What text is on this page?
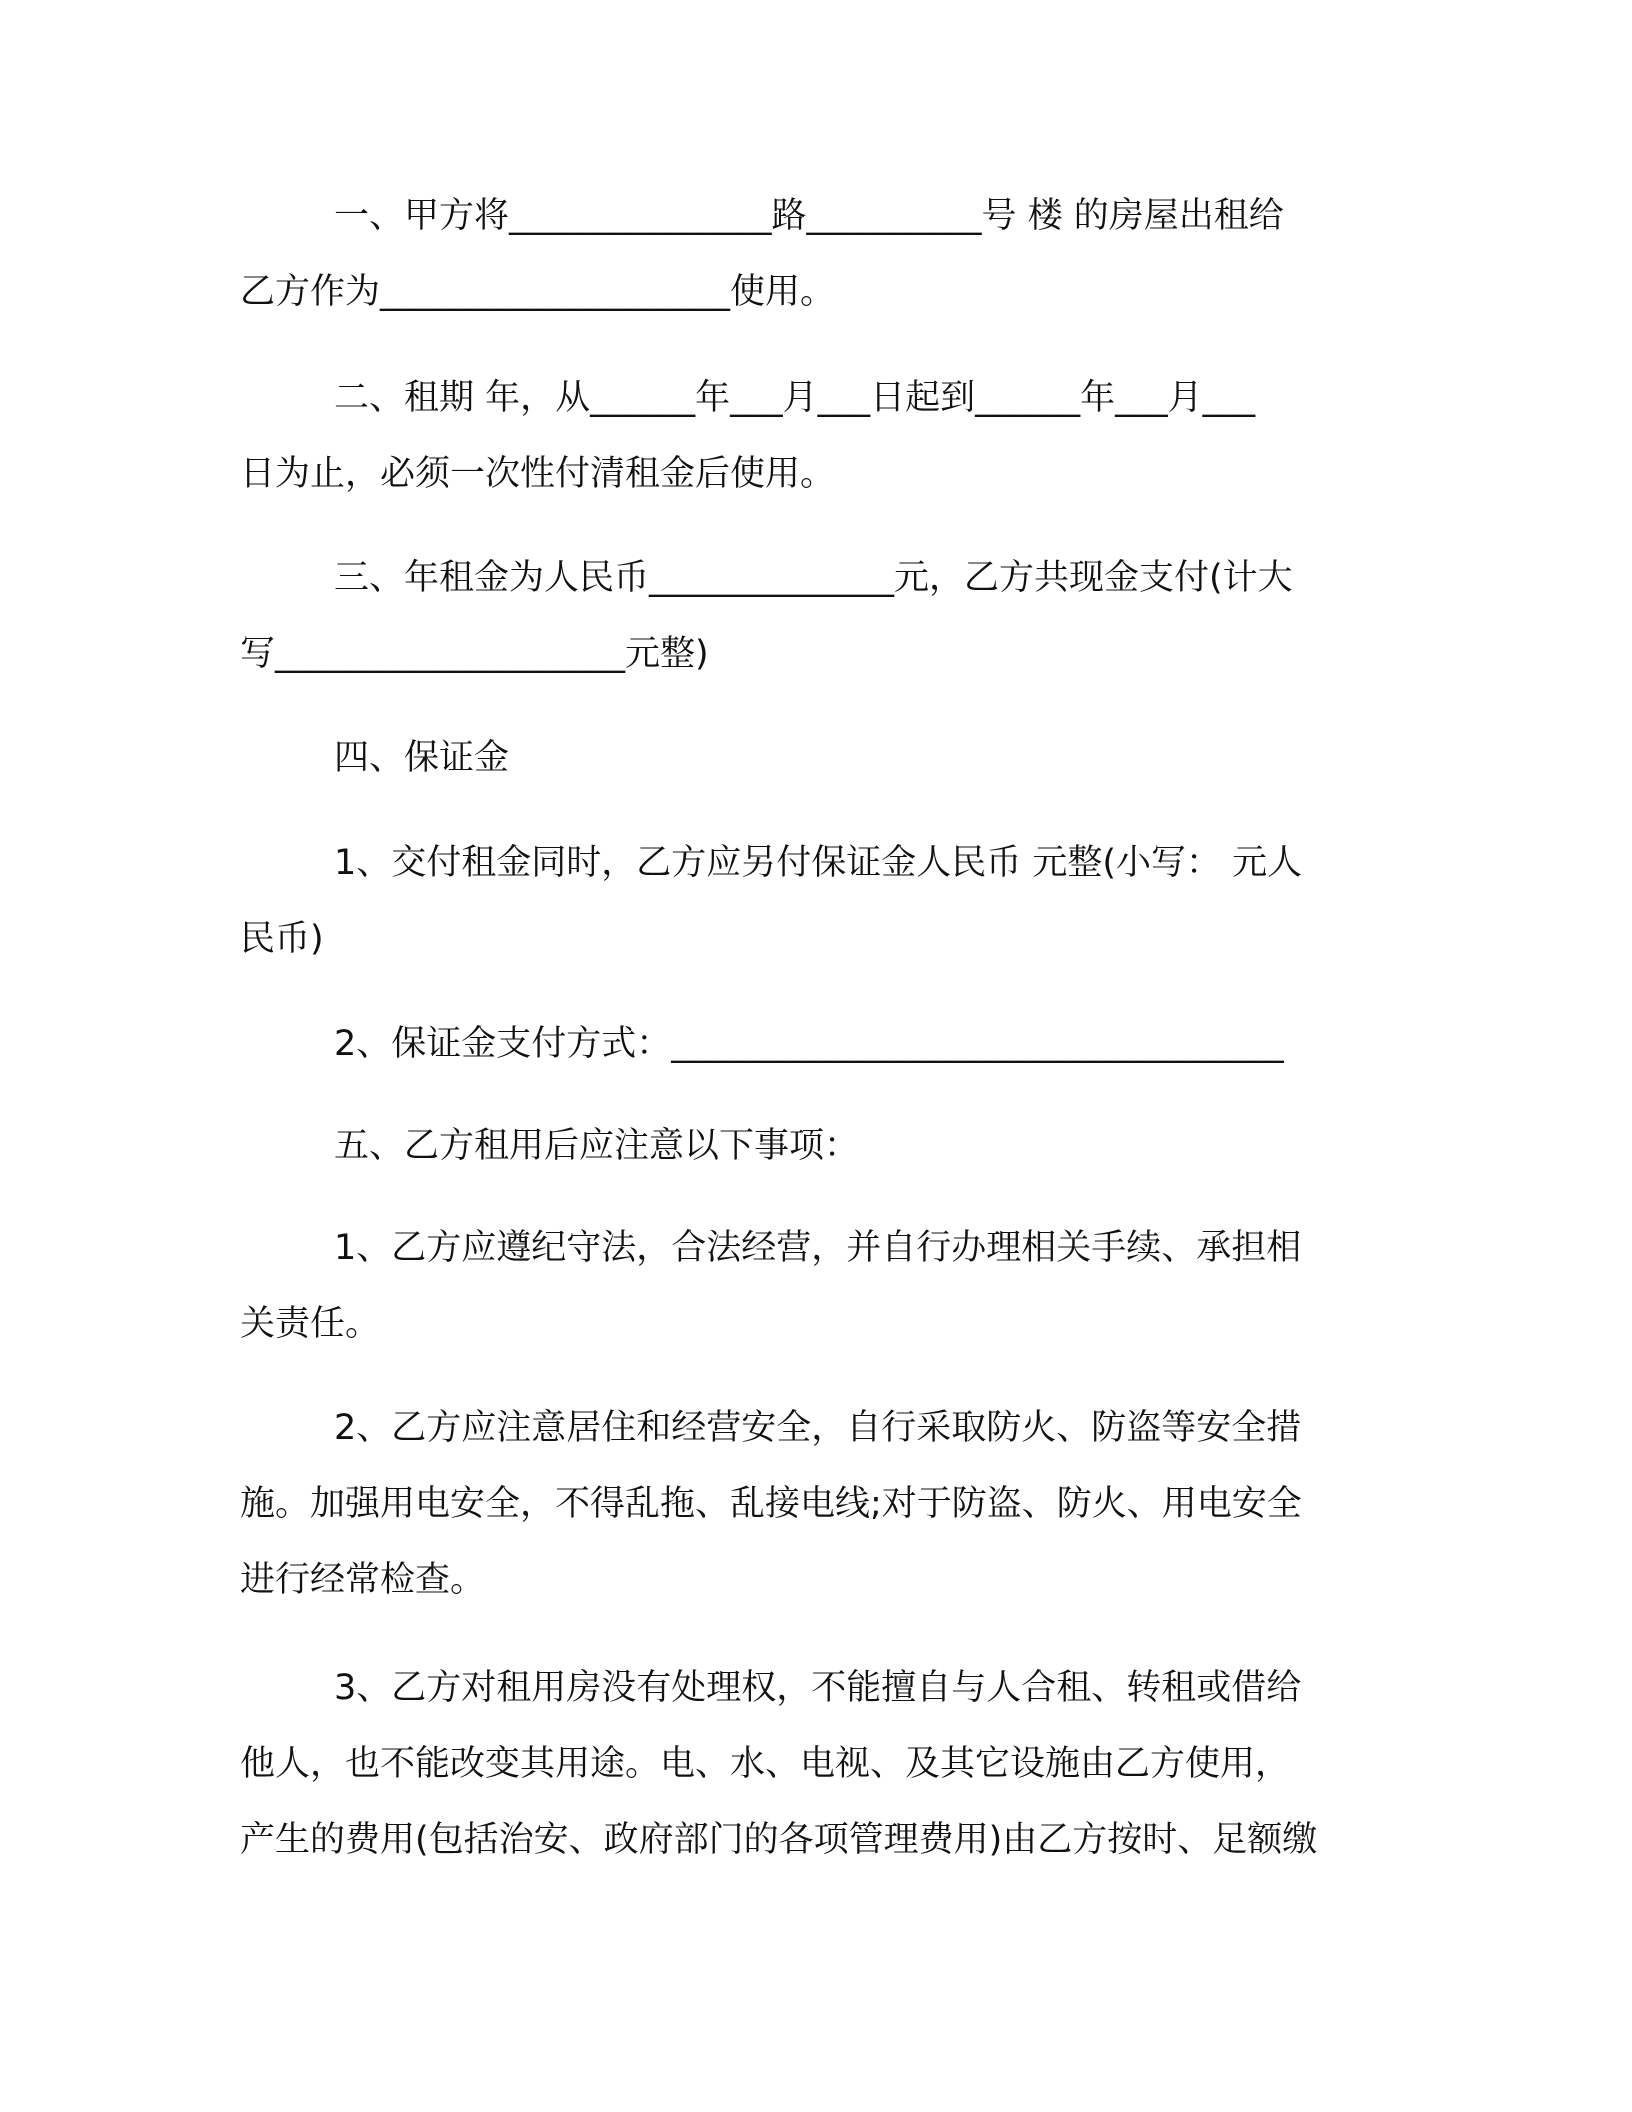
一、甲方将_______________路__________号 楼 的房屋出租给
乙方作为____________________使用。
二、租期 年，从______年___月___日起到______年___月___
日为止，必须一次性付清租金后使用。
三、年租金为人民币______________元，乙方共现金支付(计大
写____________________元整)
四、保证金
1、交付租金同时，乙方应另付保证金人民币 元整(小写： 元人
民币)
2、保证金支付方式：___________________________________
五、乙方租用后应注意以下事项：
1、乙方应遵纪守法，合法经营，并自行办理相关手续、承担相
关责任。
2、乙方应注意居住和经营安全，自行采取防火、防盗等安全措
施。加强用电安全，不得乱拖、乱接电线;对于防盗、防火、用电安全
进行经常检查。
3、乙方对租用房没有处理权，不能擅自与人合租、转租或借给
他人，也不能改变其用途。电、水、电视、及其它设施由乙方使用，
产生的费用(包括治安、政府部门的各项管理费用)由乙方按时、足额缴
